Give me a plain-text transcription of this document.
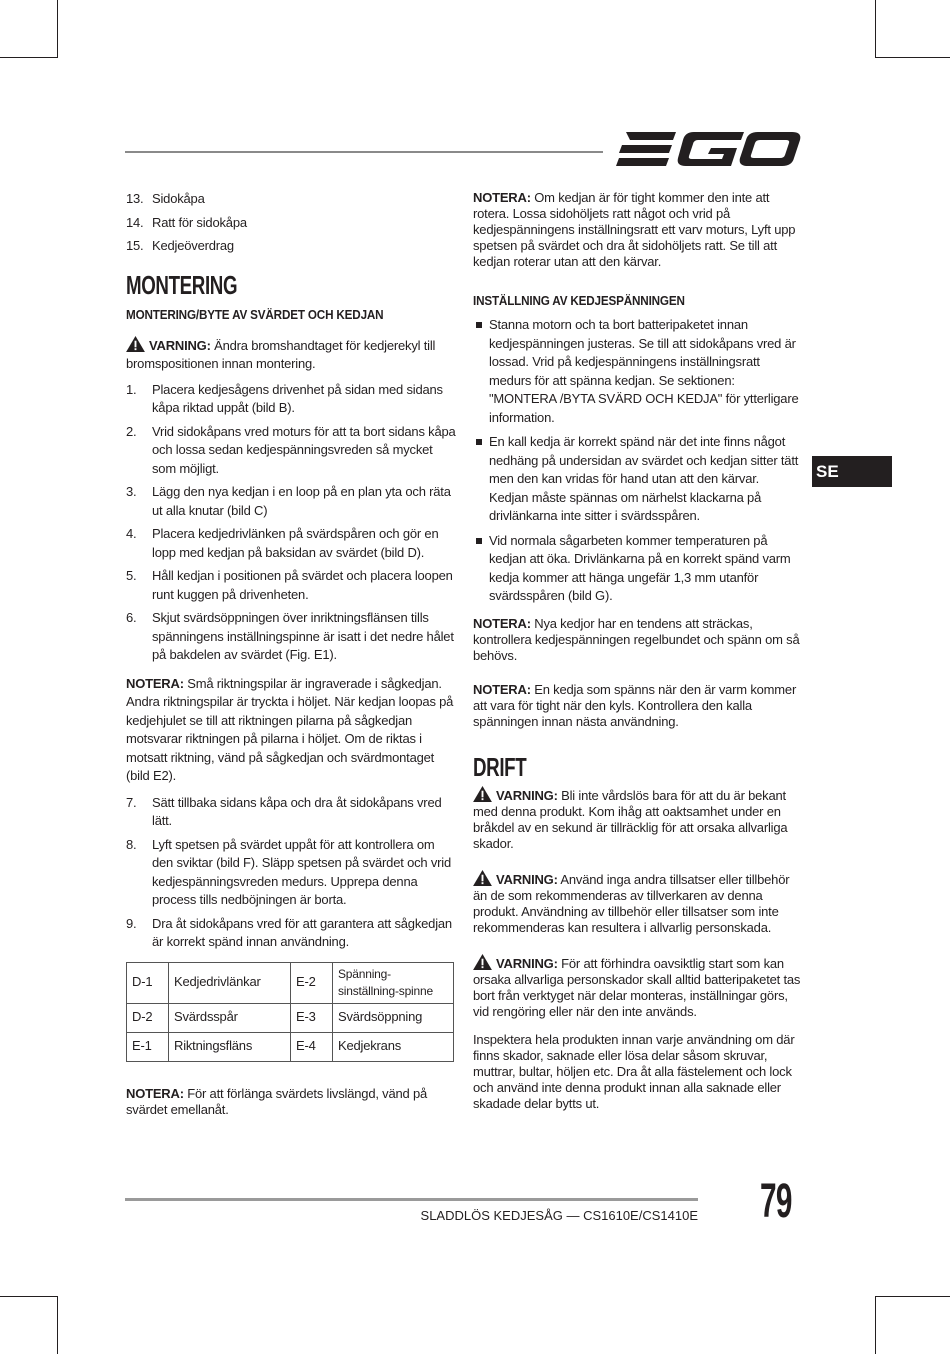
SE
13. Sidokåpa
14. Ratt för sidokåpa
15. Kedjeöverdrag
MONTERING
MONTERING/BYTE AV SVÄRDET OCH KEDJAN
VARNING: Ändra bromshandtaget för kedjerekyl till bromspositionen innan montering.
1.	Placera kedjesågens drivenhet på sidan med sidans kåpa riktad uppåt (bild B).
2.	Vrid sidokåpans vred moturs för att ta bort sidans kåpa och lossa sedan kedjespänningsvreden så mycket som möjligt.
3.	Lägg den nya kedjan i en loop på en plan yta och räta ut alla knutar (bild C)
4.	Placera kedjedrivlänken på svärdspåren och gör en lopp med kedjan på baksidan av svärdet (bild D).
5.	Håll kedjan i positionen på svärdet och placera loopen runt kuggen på drivenheten.
6.	Skjut svärdsöppningen över inriktningsflänsen tills spänningens inställningspinne är isatt i det nedre hålet på bakdelen av svärdet (Fig. E1).
NOTERA: Små riktningspilar är ingraverade i sågkedjan. Andra riktningspilar är tryckta i höljet. När kedjan loopas på kedjehjulet se till att riktningen pilarna på sågkedjan motsvarar riktningen på pilarna i höljet. Om de riktas i motsatt riktning, vänd på sågkedjan och svärdmontaget (bild E2).
7.	Sätt tillbaka sidans kåpa och dra åt sidokåpans vred lätt.
8.	Lyft spetsen på svärdet uppåt för att kontrollera om den sviktar (bild F). Släpp spetsen på svärdet och vrid kedjespänningsvreden medurs. Upprepa denna process tills nedböjningen är borta.
9.	Dra åt sidokåpans vred för att garantera att sågkedjan är korrekt spänd innan användning.
D-1	Kedjedrivlänkar	E-2	Spänning-sinställning-spinne
D-2	Svärdsspår	E-3	Svärdsöppning
E-1	Riktningsfläns	E-4	Kedjekrans
NOTERA: För att förlänga svärdets livslängd, vänd på svärdet emellanåt.
NOTERA: Om kedjan är för tight kommer den inte att rotera. Lossa sidohöljets ratt något och vrid på kedjespänningens inställningsratt ett varv moturs, Lyft upp spetsen på svärdet och dra åt sidohöljets ratt. Se till att kedjan roterar utan att den kärvar.
INSTÄLLNING AV KEDJESPÄNNINGEN
Stanna motorn och ta bort batteripaketet innan kedjespänningen justeras. Se till att sidokåpans vred är lossad. Vrid på kedjespänningens inställningsratt medurs för att spänna kedjan. Se sektionen: "MONTERA /BYTA SVÄRD OCH KEDJA" för ytterligare information.
En kall kedja är korrekt spänd när det inte finns något nedhäng på undersidan av svärdet och kedjan sitter tätt men den kan vridas för hand utan att den kärvar. Kedjan måste spännas om närhelst klackarna på drivlänkarna inte sitter i svärdsspåren.
Vid normala sågarbeten kommer temperaturen på kedjan att öka. Drivlänkarna på en korrekt spänd varm kedja kommer att hänga ungefär 1,3 mm utanför svärdsspåren (bild G).
NOTERA: Nya kedjor har en tendens att sträckas, kontrollera kedjespänningen regelbundet och spänn om så behövs.
NOTERA: En kedja som spänns när den är varm kommer att vara för tight när den kyls. Kontrollera den kalla spänningen innan nästa användning.
DRIFT
VARNING: Bli inte vårdslös bara för att du är bekant med denna produkt. Kom ihåg att oaktsamhet under en bråkdel av en sekund är tillräcklig för att orsaka allvarliga skador.
VARNING: Använd inga andra tillsatser eller tillbehör än de som rekommenderas av tillverkaren av denna produkt. Användning av tillbehör eller tillsatser som inte rekommenderas kan resultera i allvarlig personskada.
VARNING: För att förhindra oavsiktlig start som kan orsaka allvarliga personskador skall alltid batteripaketet tas bort från verktyget när delar monteras, inställningar görs, vid rengöring eller när den inte används.
Inspektera hela produkten innan varje användning om där finns skador, saknade eller lösa delar såsom skruvar, muttrar, bultar, höljen etc. Dra åt alla fästelement och lock och använd inte denna produkt innan alla saknade eller skadade delar bytts ut.
SLADDLÖS KEDJESÅG — CS1610E/CS1410E 79
